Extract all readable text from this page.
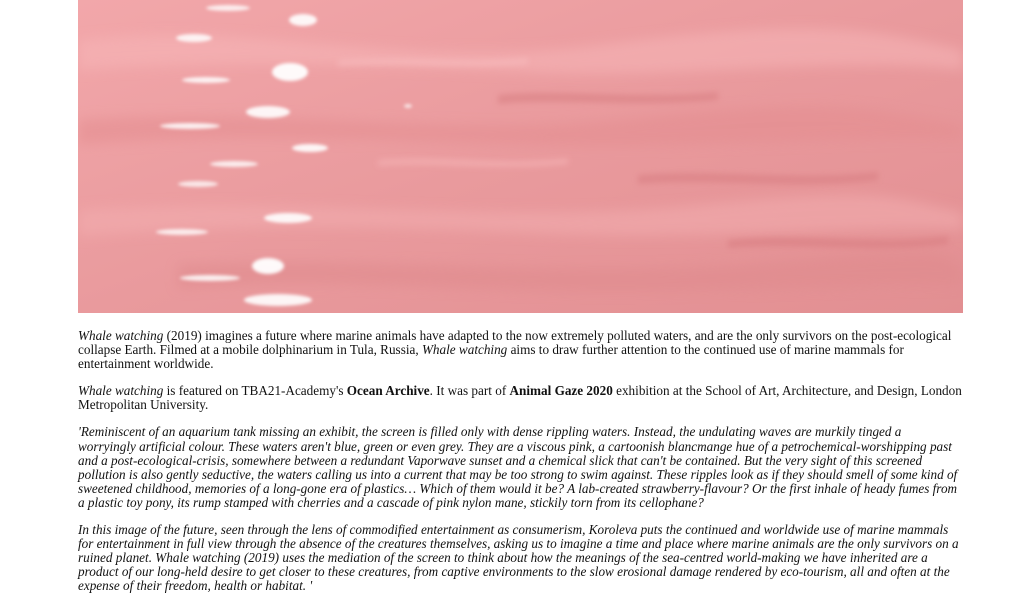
Whale watching (2019) imagines a future where marine animals have adapted to the now extremely polluted waters, and are the only survivors on the post-ecological collapse Earth. Filmed at a mobile dolphinarium in Tula, Russia, Whale watching aims to draw further attention to the continued use of marine mammals for entertainment worldwide.

Whale watching is featured on TBA21-Academy's Ocean Archive. It was part of Animal Gaze 2020 exhibition at the School of Art, Architecture, and Design, London Metropolitan University.

'Reminiscent of an aquarium tank missing an exhibit, the screen is filled only with dense rippling waters. Instead, the undulating waves are murkily tinged a worryingly artificial colour. These waters aren't blue, green or even grey. They are a viscous pink, a cartoonish blancmange hue of a petrochemical-worshipping past and a post-ecological-crisis, somewhere between a redundant Vaporwave sunset and a chemical slick that can't be contained. But the very sight of this screened pollution is also gently seductive, the waters calling us into a current that may be too strong to swim against. These ripples look as if they should smell of some kind of sweetened childhood, memories of a long-gone era of plastics… Which of them would it be? A lab-created strawberry-flavour? Or the first inhale of heady fumes from a plastic toy pony, its rump stamped with cherries and a cascade of pink nylon mane, stickily torn from its cellophane?

In this image of the future, seen through the lens of commodified entertainment as consumerism, Koroleva puts the continued and worldwide use of marine mammals for entertainment in full view through the absence of the creatures themselves, asking us to imagine a time and place where marine animals are the only survivors on a ruined planet. Whale watching (2019) uses the mediation of the screen to think about how the meanings of the sea-centred world-making we have inherited are a product of our long-held desire to get closer to these creatures, from captive environments to the slow erosional damage rendered by eco-tourism, all and often at the expense of their freedom, health or habitat. '
